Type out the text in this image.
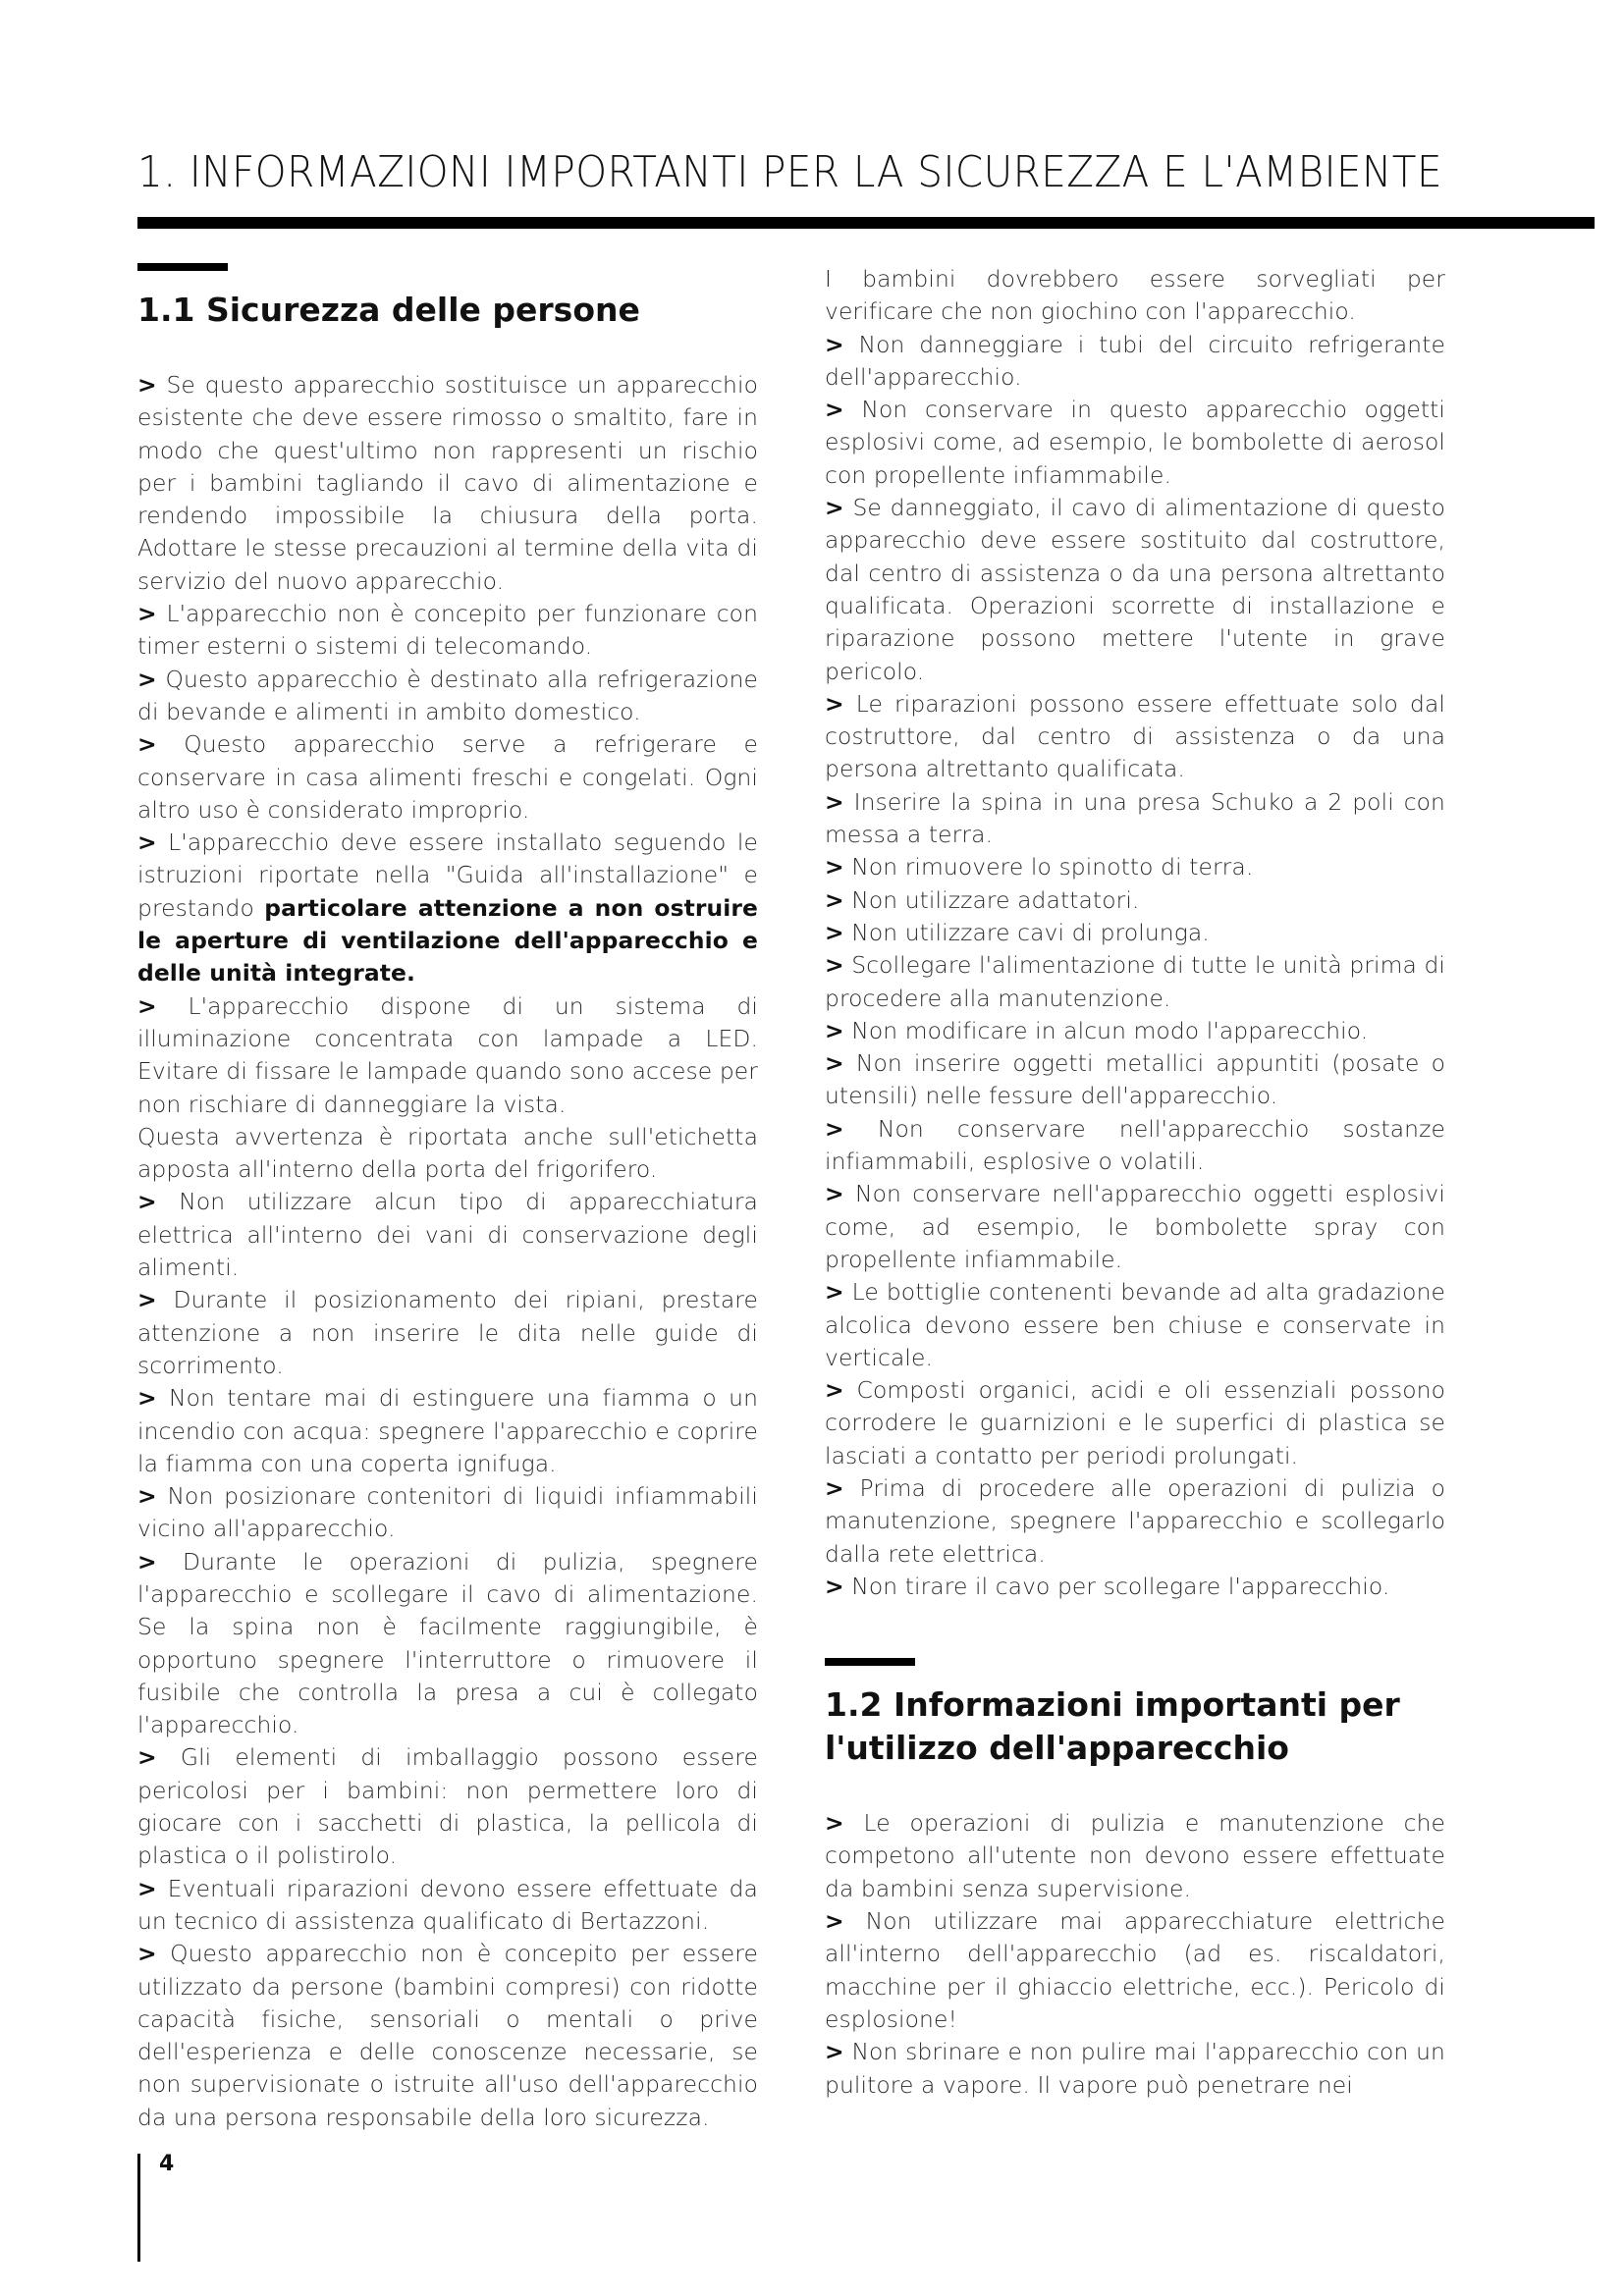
1. INFORMAZIONI IMPORTANTI PER LA SICUREZZA E L'AMBIENTE
1.1 Sicurezza delle persone

> Se questo apparecchio sostituisce un apparecchio esistente che deve essere rimosso o smaltito, fare in modo che quest'ultimo non rappresenti un rischio per i bambini tagliando il cavo di alimentazione e rendendo impossibile la chiusura della porta. Adottare le stesse precauzioni al termine della vita di servizio del nuovo apparecchio.

> L'apparecchio non è concepito per funzionare con timer esterni o sistemi di telecomando.

> Questo apparecchio è destinato alla refrigerazione di bevande e alimenti in ambito domestico.

> Questo apparecchio serve a refrigerare e conservare in casa alimenti freschi e congelati. Ogni altro uso è considerato improprio.

> L'apparecchio deve essere installato seguendo le istruzioni riportate nella "Guida all'installazione" e prestando particolare attenzione a non ostruire le aperture di ventilazione dell'apparecchio e delle unità integrate.

> L'apparecchio dispone di un sistema di illuminazione concentrata con lampade a LED. Evitare di fissare le lampade quando sono accese per non rischiare di danneggiare la vista.

Questa avvertenza è riportata anche sull'etichetta apposta all'interno della porta del frigorifero.

> Non utilizzare alcun tipo di apparecchiatura elettrica all'interno dei vani di conservazione degli alimenti.

> Durante il posizionamento dei ripiani, prestare attenzione a non inserire le dita nelle guide di scorrimento.

> Non tentare mai di estinguere una fiamma o un incendio con acqua: spegnere l'apparecchio e coprire la fiamma con una coperta ignifuga.

> Non posizionare contenitori di liquidi infiammabili vicino all'apparecchio.

> Durante le operazioni di pulizia, spegnere l'apparecchio e scollegare il cavo di alimentazione. Se la spina non è facilmente raggiungibile, è opportuno spegnere l'interruttore o rimuovere il fusibile che controlla la presa a cui è collegato l'apparecchio.

> Gli elementi di imballaggio possono essere pericolosi per i bambini: non permettere loro di giocare con i sacchetti di plastica, la pellicola di plastica o il polistirolo.

> Eventuali riparazioni devono essere effettuate da un tecnico di assistenza qualificato di Bertazzoni.

> Questo apparecchio non è concepito per essere utilizzato da persone (bambini compresi) con ridotte capacità fisiche, sensoriali o mentali o prive dell'esperienza e delle conoscenze necessarie, se non supervisionate o istruite all'uso dell'apparecchio da una persona responsabile della loro sicurezza.

I bambini dovrebbero essere sorvegliati per verificare che non giochino con l'apparecchio.

> Non danneggiare i tubi del circuito refrigerante dell'apparecchio.

> Non conservare in questo apparecchio oggetti esplosivi come, ad esempio, le bombolette di aerosol con propellente infiammabile.

> Se danneggiato, il cavo di alimentazione di questo apparecchio deve essere sostituito dal costruttore, dal centro di assistenza o da una persona altrettanto qualificata. Operazioni scorrette di installazione e riparazione possono mettere l'utente in grave pericolo.

> Le riparazioni possono essere effettuate solo dal costruttore, dal centro di assistenza o da una persona altrettanto qualificata.

> Inserire la spina in una presa Schuko a 2 poli con messa a terra.

> Non rimuovere lo spinotto di terra.

> Non utilizzare adattatori.

> Non utilizzare cavi di prolunga.

> Scollegare l'alimentazione di tutte le unità prima di procedere alla manutenzione.

> Non modificare in alcun modo l'apparecchio.

> Non inserire oggetti metallici appuntiti (posate o utensili) nelle fessure dell'apparecchio.

> Non conservare nell'apparecchio sostanze infiammabili, esplosive o volatili.

> Non conservare nell'apparecchio oggetti esplosivi come, ad esempio, le bombolette spray con propellente infiammabile.

> Le bottiglie contenenti bevande ad alta gradazione alcolica devono essere ben chiuse e conservate in verticale.

> Composti organici, acidi e oli essenziali possono corrodere le guarnizioni e le superfici di plastica se lasciati a contatto per periodi prolungati.

> Prima di procedere alle operazioni di pulizia o manutenzione, spegnere l'apparecchio e scollegarlo dalla rete elettrica.

> Non tirare il cavo per scollegare l'apparecchio.

1.2 Informazioni importanti per l'utilizzo dell'apparecchio

> Le operazioni di pulizia e manutenzione che competono all'utente non devono essere effettuate da bambini senza supervisione.

> Non utilizzare mai apparecchiature elettriche all'interno dell'apparecchio (ad es. riscaldatori, macchine per il ghiaccio elettriche, ecc.). Pericolo di esplosione!

> Non sbrinare e non pulire mai l'apparecchio con un pulitore a vapore. Il vapore può penetrare nei

4
